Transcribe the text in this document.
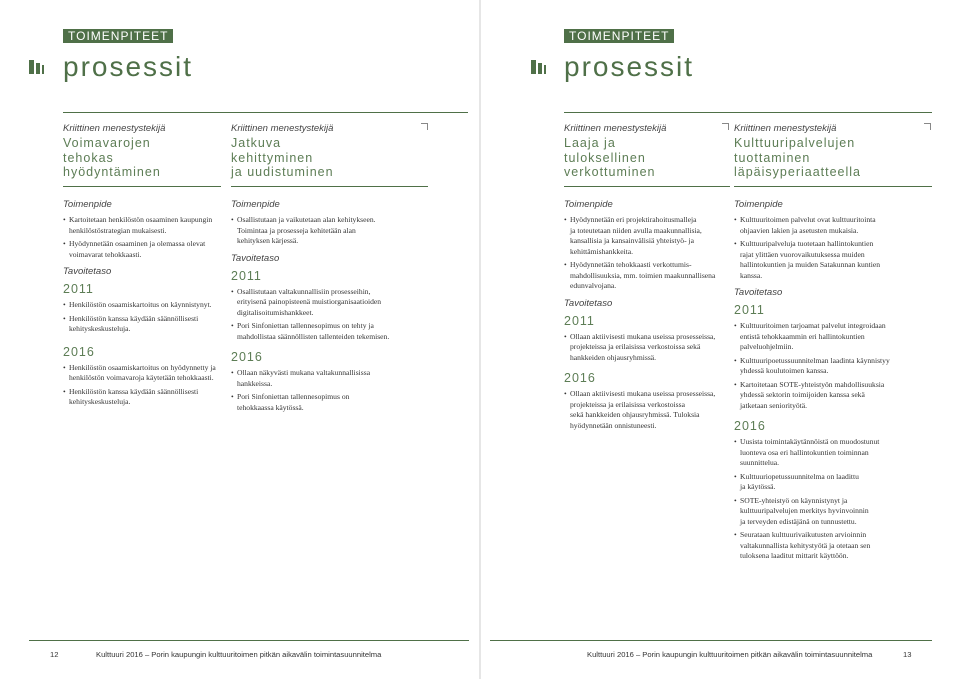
TOIMENPITEET
prosessit
Kriittinen menestystekijä
Voimavarojen
tehokas
hyödyntäminen
Toimenpide
• Kartoitetaan henkilöstön osaaminen kaupungin
henkilöstöstrategian mukaisesti.
• Hyödynnetään osaaminen ja olemassa olevat
voimavarat tehokkaasti.
Tavoitetaso
2011
• Henkilöstön osaamiskartoitus on käynnistynyt.
• Henkilöstön kanssa käydään säännöllisesti
kehityskeskusteluja.
2016
• Henkilöstön osaamiskartoitus on hyödynnetty ja
henkilöstön voimavaroja käytetään tehokkaasti.
• Henkilöstön kanssa käydään säännöllisesti
kehityskeskusteluja.
Kriittinen menestystekijä
Jatkuva
kehittyminen
ja uudistuminen
Toimenpide
• Osallistutaan ja vaikutetaan alan kehitykseen.
Toimintaa ja prosesseja kehitetään alan
kehityksen kärjessä.
Tavoitetaso
2011
• Osallistutaan valtakunnallisiin prosesseihin,
erityisenä painopisteenä muistiorganisaatioiden
digitalisoitumishankkeet.
• Pori Sinfoniettan tallennesopimus on tehty ja
mahdollistaa säännöllisten tallenteiden tekemisen.
2016
• Ollaan näkyvästi mukana valtakunnallisissa
hankkeissa.
• Pori Sinfoniettan tallennesopimus on
tehokkaassa käytössä.
12	Kulttuuri 2016 – Porin kaupungin kulttuuritoimen pitkän aikavälin toimintasuunnitelma
TOIMENPITEET
prosessit
Kriittinen menestystekijä
Laaja ja
tuloksellinen
verkottuminen
Toimenpide
• Hyödynnetään eri projektirahoitusmalleja
ja toteutetaan niiden avulla maakunnallisia,
kansallisia ja kansainvälisiä yhteistyö- ja
kehittämishankkeita.
• Hyödynnetään tehokkaasti verkottumis-
mahdollisuuksia, mm. toimien maakunnallisena
edunvalvojana.
Tavoitetaso
2011
• Ollaan aktiivisesti mukana useissa prosesseissa,
projekteissa ja erilaisissa verkostoissa sekä
hankkeiden ohjausryhmissä.
2016
• Ollaan aktiivisesti mukana useissa prosesseissa,
projekteissa ja erilaisissa verkostoissa
sekä hankkeiden ohjausryhmissä. Tuloksia
hyödynnetään onnistuneesti.
Kriittinen menestystekijä
Kulttuuripalvelujen
tuottaminen
läpäisyperiaatteella
Toimenpide
• Kulttuuritoimen palvelut ovat kulttuuritointa
ohjaavien lakien ja asetusten mukaisia.
• Kulttuuripalveluja tuotetaan hallintokuntien
rajat ylittäen vuorovaikutuksessa muiden
hallintokuntien ja muiden Satakunnan kuntien
kanssa.
Tavoitetaso
2011
• Kulttuuritoimen tarjoamat palvelut integroidaan
entistä tehokkaammin eri hallintokuntien
palveluohjelmiin.
• Kulttuuripoetussuunnitelman laadinta käynnistyy
yhdessä koulutoimen kanssa.
• Kartoitetaan SOTE-yhteistyön mahdollisuuksia
yhdessä sektorin toimijoiden kanssa sekä
jatketaan seniorityötä.
2016
• Uusista toimintakäytännöistä on muodostunut
luonteva osa eri hallintokuntien toiminnan
suunnittelua.
• Kulttuuriopetussuunnitelma on laadittu
ja käytössä.
• SOTE-yhteistyö on käynnistynyt ja
kulttuuripalvelujen merkitys hyvinvoinnin
ja terveyden edistäjänä on tunnustettu.
• Seurataan kulttuurivaikutusten arvioinnin
valtakunnallista kehitystyötä ja otetaan sen
tuloksena laaditut mittarit käyttöön.
Kulttuuri 2016 – Porin kaupungin kulttuuritoimen pitkän aikavälin toimintasuunnitelma	13
